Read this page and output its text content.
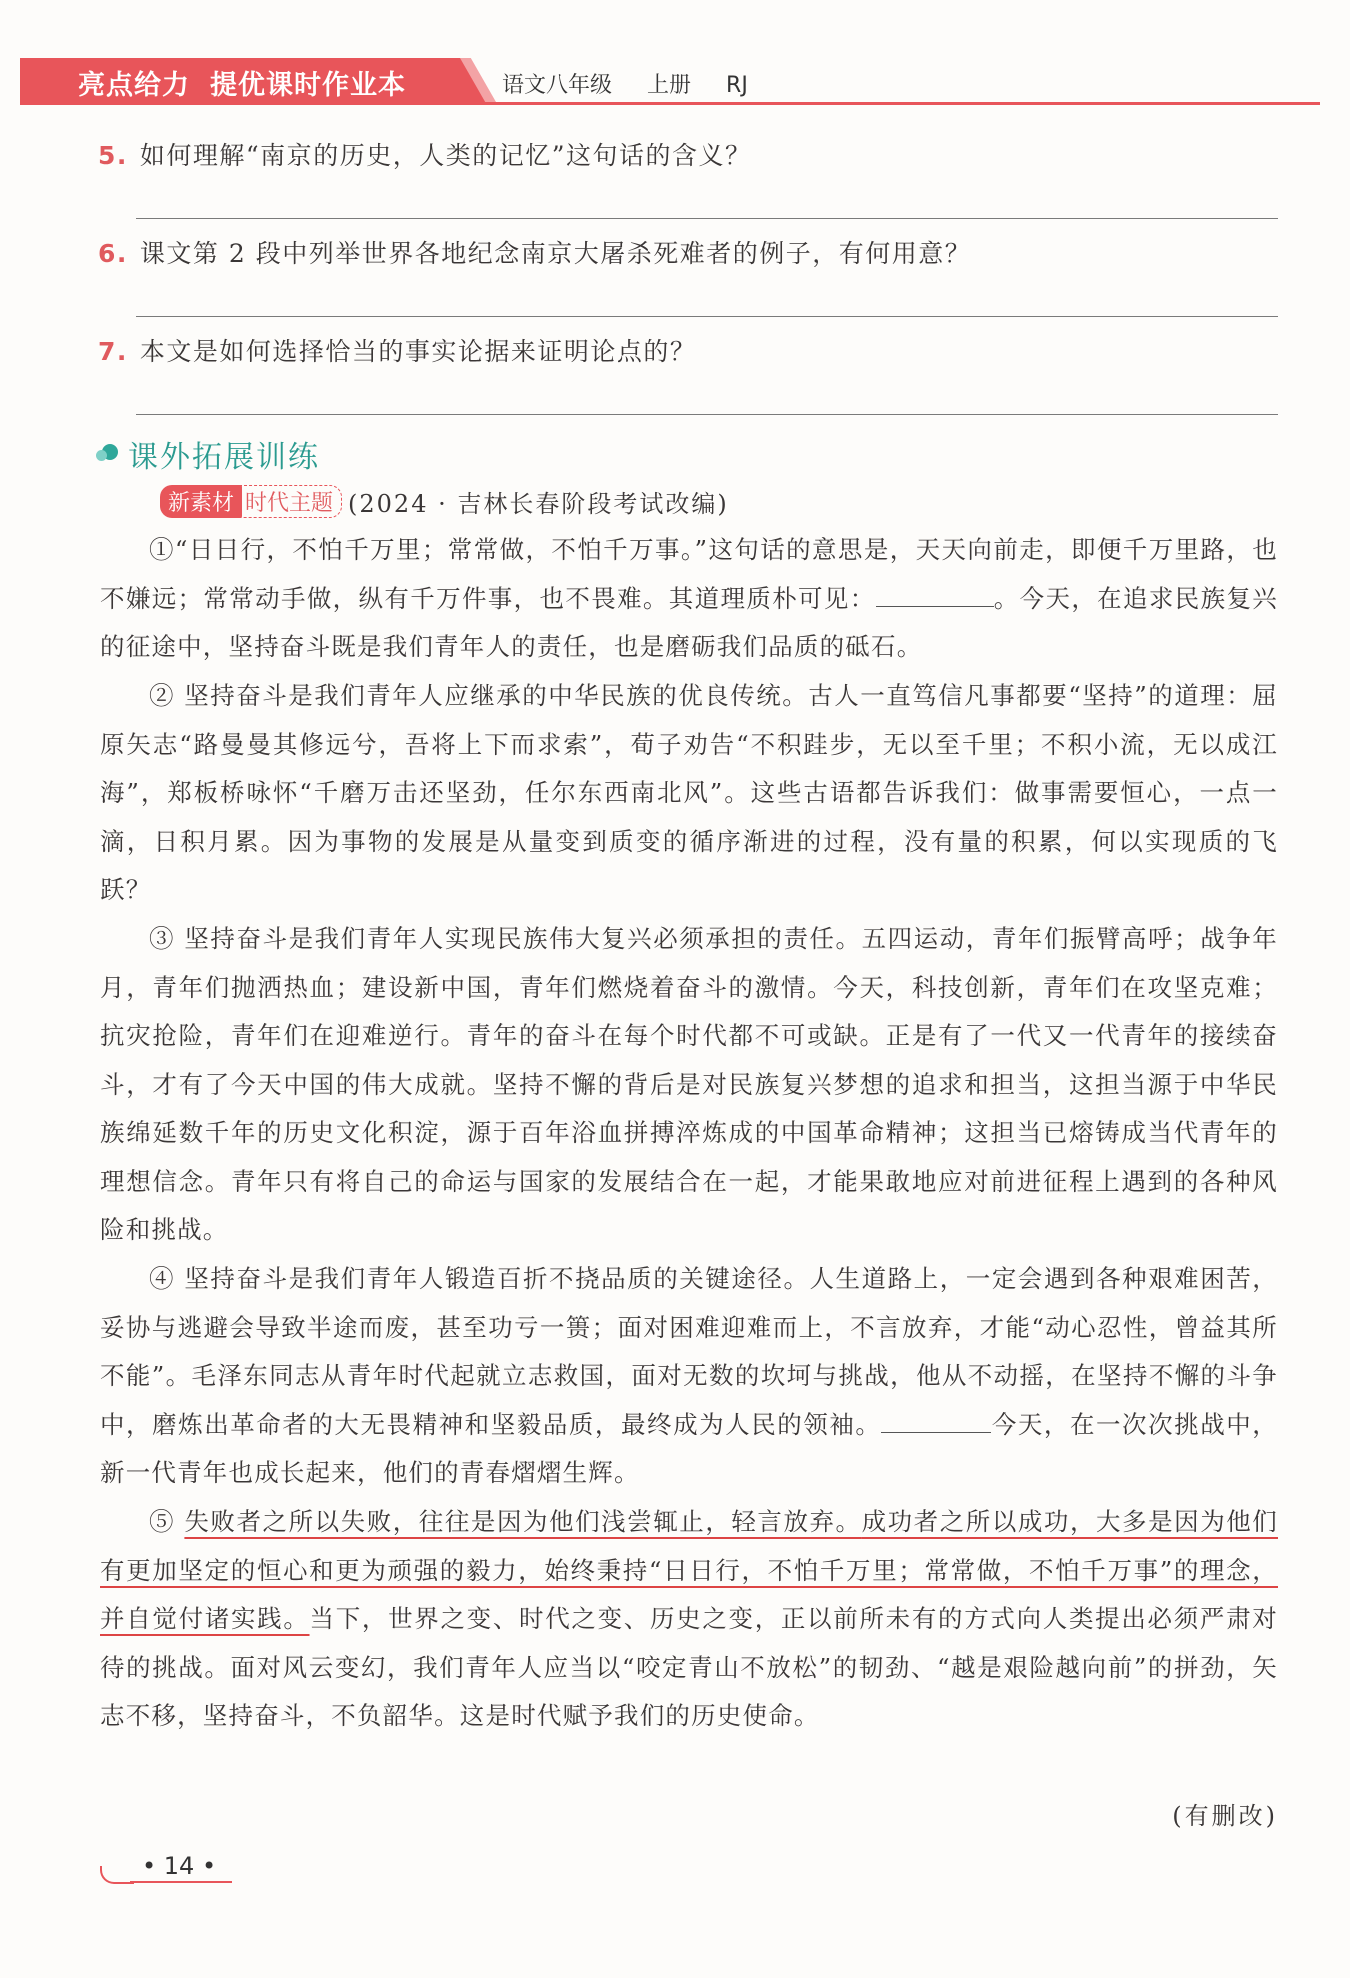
亮点给力 提优课时作业本	语文八年级 上册 RJ
5. 如何理解“南京的历史，人类的记忆”这句话的含义？
6. 课文第 2 段中列举世界各地纪念南京大屠杀死难者的例子，有何用意？
7. 本文是如何选择恰当的事实论据来证明论点的？
课外拓展训练
新素材 时代主题 (2024 · 吉林长春阶段考试改编)
①“日日行，不怕千万里；常常做，不怕千万事。”这句话的意思是，天天向前走，即便千万里路，也不嫌远；常常动手做，纵有千万件事，也不畏难。其道理质朴可见：	。今天，在追求民族复兴的征途中，坚持奋斗既是我们青年人的责任，也是磨砺我们品质的砥石。
② 坚持奋斗是我们青年人应继承的中华民族的优良传统。古人一直笃信凡事都要“坚持”的道理：屈原矢志“路曼曼其修远兮，吾将上下而求索”，荀子劝告“不积跬步，无以至千里；不积小流，无以成江海”，郑板桥咏怀“千磨万击还坚劲，任尔东西南北风”。这些古语都告诉我们：做事需要恒心，一点一滴，日积月累。因为事物的发展是从量变到质变的循序渐进的过程，没有量的积累，何以实现质的飞跃？
③ 坚持奋斗是我们青年人实现民族伟大复兴必须承担的责任。五四运动，青年们振臂高呼；战争年月，青年们抛洒热血；建设新中国，青年们燃烧着奋斗的激情。今天，科技创新，青年们在攻坚克难；抗灾抢险，青年们在迎难逆行。青年的奋斗在每个时代都不可或缺。正是有了一代又一代青年的接续奋斗，才有了今天中国的伟大成就。坚持不懈的背后是对民族复兴梦想的追求和担当，这担当源于中华民族绵延数千年的历史文化积淀，源于百年浴血拼搏淬炼成的中国革命精神；这担当已熔铸成当代青年的理想信念。青年只有将自己的命运与国家的发展结合在一起，才能果敢地应对前进征程上遇到的各种风险和挑战。
④ 坚持奋斗是我们青年人锻造百折不挠品质的关键途径。人生道路上，一定会遇到各种艰难困苦，妥协与逃避会导致半途而废，甚至功亏一篑；面对困难迎难而上，不言放弃，才能“动心忍性，曾益其所不能”。毛泽东同志从青年时代起就立志救国，面对无数的坎坷与挑战，他从不动摇，在坚持不懈的斗争中，磨炼出革命者的大无畏精神和坚毅品质，最终成为人民的领袖。	今天，在一次次挑战中，新一代青年也成长起来，他们的青春熠熠生辉。
⑤ 失败者之所以失败，往往是因为他们浅尝辄止，轻言放弃。成功者之所以成功，大多是因为他们有更加坚定的恒心和更为顽强的毅力，始终秉持“日日行，不怕千万里；常常做，不怕千万事”的理念，并自觉付诸实践。当下，世界之变、时代之变、历史之变，正以前所未有的方式向人类提出必须严肃对待的挑战。面对风云变幻，我们青年人应当以“咬定青山不放松”的韧劲、“越是艰险越向前”的拼劲，矢志不移，坚持奋斗，不负韶华。这是时代赋予我们的历史使命。
(有删改)
• 14 •
